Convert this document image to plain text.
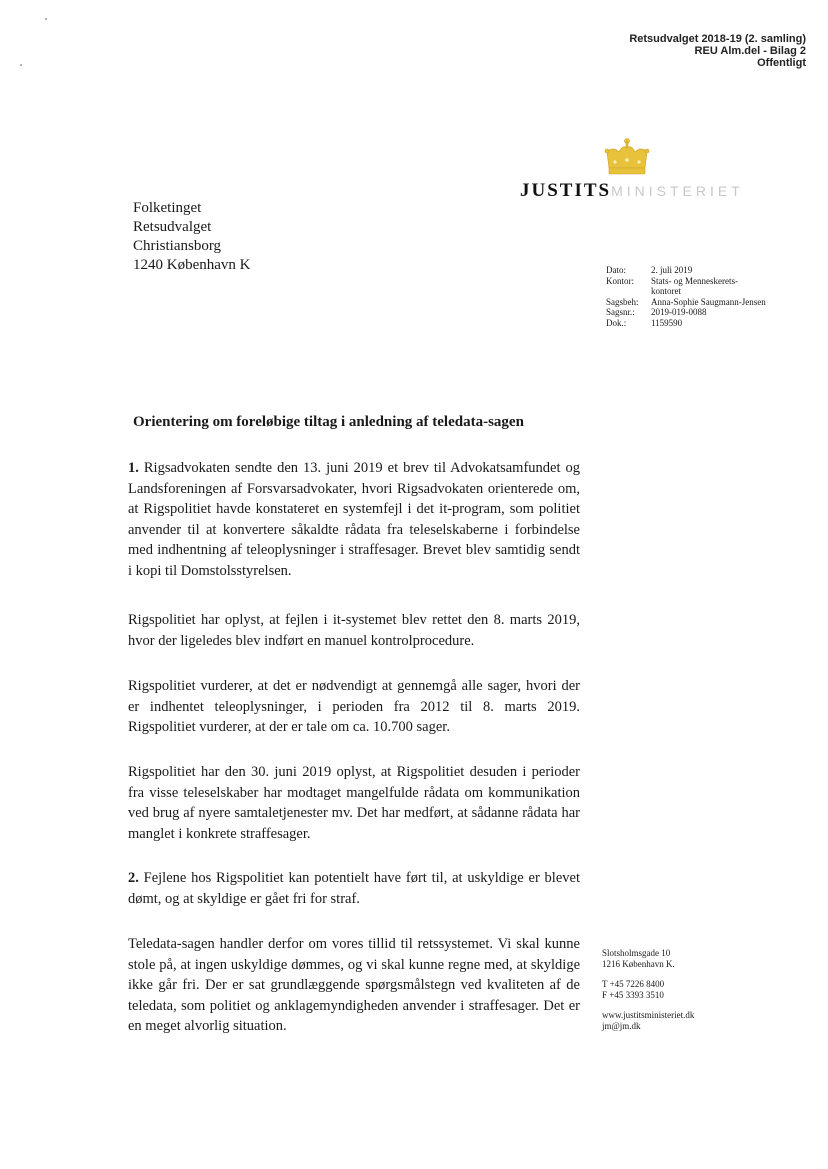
Retsudvalget 2018-19 (2. samling)
REU Alm.del - Bilag 2
Offentligt
JUSTITSMINISTERIET
Folketinget
Retsudvalget
Christiansborg
1240 København K	Dato:	2. juli 2019
Kontor:	Stats- og Menneskerets-kontoret
Sagsbeh:	Anna-Sophie Saugmann-Jensen
Sagsnr.:	2019-019-0088
Dok.:	1159590
Orientering om foreløbige tiltag i anledning af teledata-sagen
1. Rigsadvokaten sendte den 13. juni 2019 et brev til Advokatsamfundet og Landsforeningen af Forsvarsadvokater, hvori Rigsadvokaten orienterede om, at Rigspolitiet havde konstateret en systemfejl i det it-program, som politiet anvender til at konvertere såkaldte rådata fra teleselskaberne i forbindelse med indhentning af teleoplysninger i straffesager. Brevet blev samtidig sendt i kopi til Domstolsstyrelsen.
Rigspolitiet har oplyst, at fejlen i it-systemet blev rettet den 8. marts 2019, hvor der ligeledes blev indført en manuel kontrolprocedure.
Rigspolitiet vurderer, at det er nødvendigt at gennemgå alle sager, hvori der er indhentet teleoplysninger, i perioden fra 2012 til 8. marts 2019. Rigspolitiet vurderer, at der er tale om ca. 10.700 sager.
Rigspolitiet har den 30. juni 2019 oplyst, at Rigspolitiet desuden i perioder fra visse teleselskaber har modtaget mangelfulde rådata om kommunikation ved brug af nyere samtaletjenester mv. Det har medført, at sådanne rådata har manglet i konkrete straffesager.
2. Fejlene hos Rigspolitiet kan potentielt have ført til, at uskyldige er blevet dømt, og at skyldige er gået fri for straf.
Teledata-sagen handler derfor om vores tillid til retssystemet. Vi skal kunne stole på, at ingen uskyldige dømmes, og vi skal kunne regne med, at skyldige ikke går fri. Der er sat grundlæggende spørgsmålstegn ved kvaliteten af de teledata, som politiet og anklagemyndigheden anvender i straffesager. Det er en meget alvorlig situation.
Slotsholmsgade 10
1216 København K.
T +45 7226 8400
F +45 3393 3510
www.justitsministeriet.dk
jm@jm.dk
